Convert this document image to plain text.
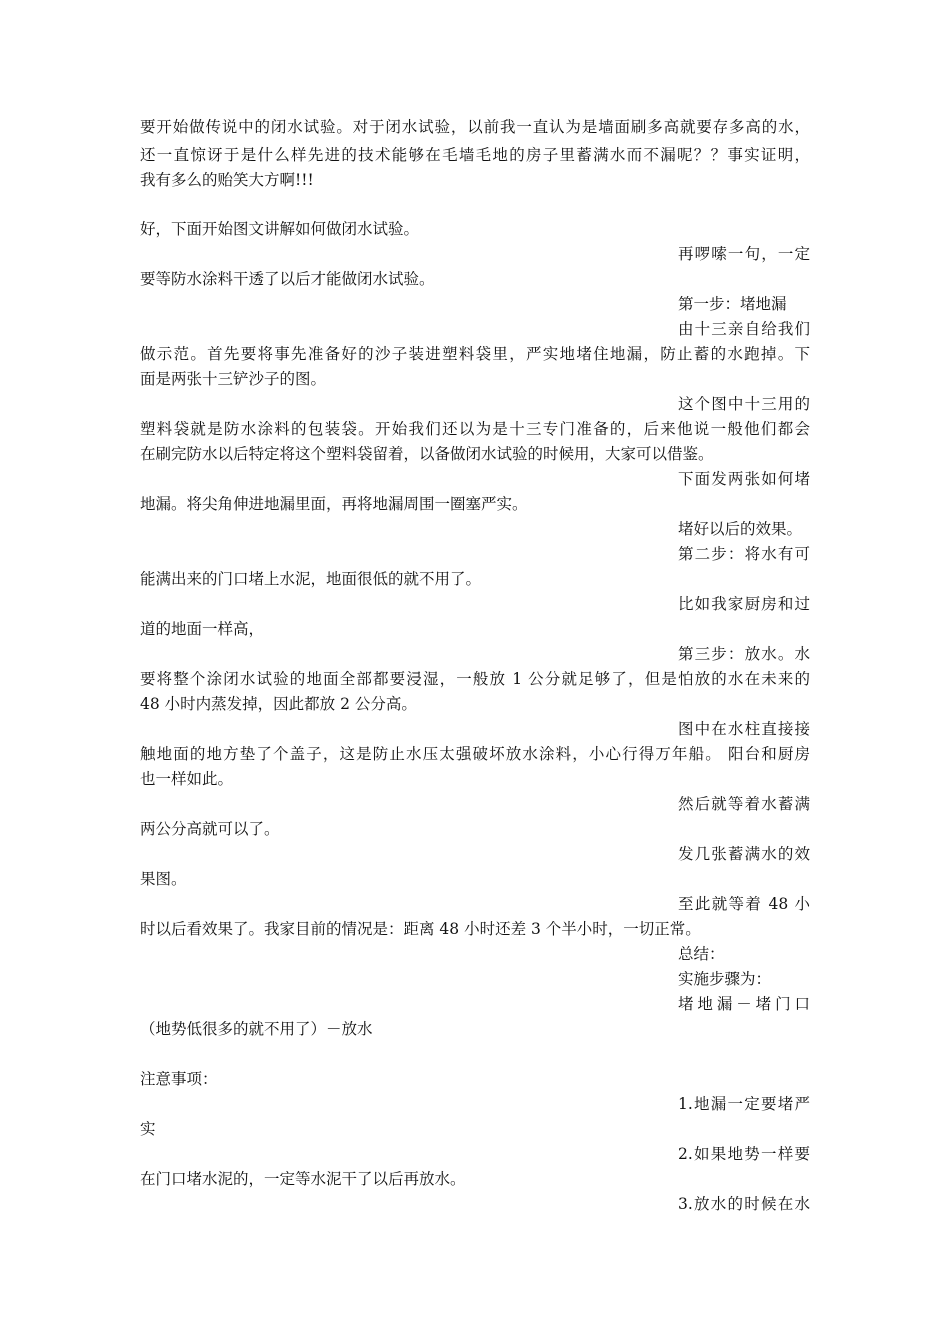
要开始做传说中的闭水试验。对于闭水试验，以前我一直认为是墙面刷多高就要存多高的水，
还一直惊讶于是什么样先进的技术能够在毛墙毛地的房子里蓄满水而不漏呢？？事实证明，
我有多么的贻笑大方啊!!!
好，下面开始图文讲解如何做闭水试验。
再啰嗦一句，一定
要等防水涂料干透了以后才能做闭水试验。
第一步：堵地漏
由十三亲自给我们
做示范。首先要将事先准备好的沙子装进塑料袋里，严实地堵住地漏，防止蓄的水跑掉。下
面是两张十三铲沙子的图。
这个图中十三用的
塑料袋就是防水涂料的包装袋。开始我们还以为是十三专门准备的，后来他说一般他们都会
在刷完防水以后特定将这个塑料袋留着，以备做闭水试验的时候用，大家可以借鉴。
下面发两张如何堵
地漏。将尖角伸进地漏里面，再将地漏周围一圈塞严实。
堵好以后的效果。
第二步：将水有可
能满出来的门口堵上水泥，地面很低的就不用了。
比如我家厨房和过
道的地面一样高，
第三步：放水。水
要将整个涂闭水试验的地面全部都要浸湿，一般放 1 公分就足够了，但是怕放的水在未来的
48 小时内蒸发掉，因此都放 2 公分高。
图中在水柱直接接
触地面的地方垫了个盖子，这是防止水压太强破坏放水涂料，小心行得万年船。 阳台和厨房
也一样如此。
然后就等着水蓄满
两公分高就可以了。
发几张蓄满水的效
果图。
至此就等着 48 小
时以后看效果了。我家目前的情况是：距离 48 小时还差 3 个半小时，一切正常。
总结：
实施步骤为：
堵地漏－堵门口
（地势低很多的就不用了）－放水
注意事项：
1.地漏一定要堵严
实
2.如果地势一样要
在门口堵水泥的，一定等水泥干了以后再放水。
3.放水的时候在水
